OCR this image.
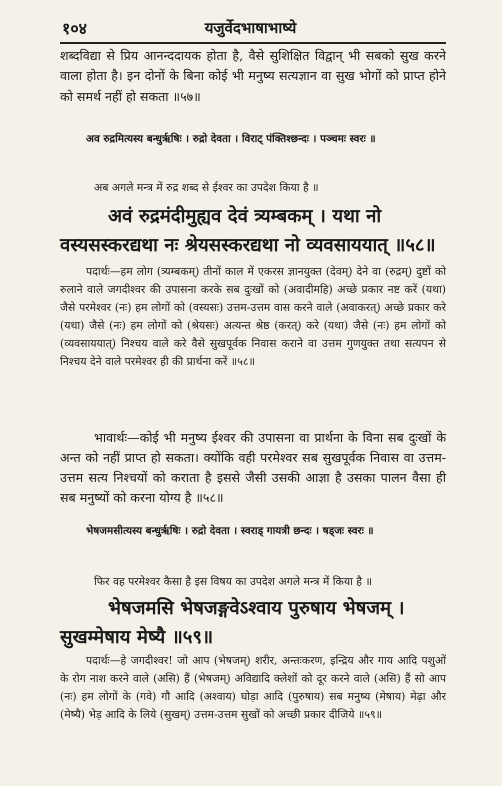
१०४	यजुर्वेदभाषाभाष्ये
शब्दविद्या से प्रिय आनन्ददायक होता है, वैसे सुशिक्षित विद्वान् भी सबको सुख करने वाला होता है। इन दोनों के बिना कोई भी मनुष्य सत्यज्ञान वा सुख भोगों को प्राप्त होने को समर्थ नहीं हो सकता ॥५७॥
अव रुद्रमित्यस्य बन्धुर्ऋषिः । रुद्रो देवता । विराट् पंक्तिश्छन्दः । पञ्चमः स्वरः ॥
अब अगले मन्त्र में रुद्र शब्द से ईश्वर का उपदेश किया है ॥
अवं रुद्रमंदीमुह्यव देवं त्र्यम्बकम् । यथा नो वस्यसस्करद्यथा नः श्रेयसस्करद्यथा नो व्यवसाययात् ॥५८॥
पदार्थः—हम लोग (त्र्यम्बकम्) तीनों काल में एकरस ज्ञानयुक्त (देवम्) देने वा (रुद्रम्) दुष्टों को रुलाने वाले जगदीश्वर की उपासना करके सब दुःखों को (अवादीमहि) अच्छे प्रकार नष्ट करें (यथा) जैसे परमेश्वर (नः) हम लोगों को (वस्यसः) उत्तम-उत्तम वास करने वाले (अवाकरत्) अच्छे प्रकार करे (यथा) जैसे (नः) हम लोगों को (श्रेयसः) अत्यन्त श्रेष्ठ (करत्) करे (यथा) जैसे (नः) हम लोगों को (व्यवसाययात्) निश्चय वाले करे वैसे सुखपूर्वक निवास कराने वा उत्तम गुणयुक्त तथा सत्यपन से निश्चय देने वाले परमेश्वर ही की प्रार्थना करें ॥५८॥
भावार्थः—कोई भी मनुष्य ईश्वर की उपासना वा प्रार्थना के विना सब दुःखों के अन्त को नहीं प्राप्त हो सकता। क्योंकि वही परमेश्वर सब सुखपूर्वक निवास वा उत्तम-उत्तम सत्य निश्चयों को कराता है इससे जैसी उसकी आज्ञा है उसका पालन वैसा ही सब मनुष्यों को करना योग्य है ॥५८॥
भेषजमसीत्यस्य बन्धुर्ऋषिः । रुद्रो देवता । स्वराड् गायत्री छन्दः । षड्जः स्वरः ॥
फिर वह परमेश्वर कैसा है इस विषय का उपदेश अगले मन्त्र में किया है ॥
भेषजमसि भेषजङ्गवेऽश्वाय पुरुषाय भेषजम् । सुखम्मेषाय मेष्यै ॥५९॥
पदार्थः—हे जगदीश्वर! जो आप (भेषजम्) शरीर, अन्तःकरण, इन्द्रिय और गाय आदि पशुओं के रोग नाश करने वाले (असि) हैं (भेषजम्) अविद्यादि क्लेशों को दूर करने वाले (असि) हैं सो आप (नः) हम लोगों के (गवे) गौ आदि (अश्वाय) घोड़ा आदि (पुरुषाय) सब मनुष्य (मेषाय) मेढ़ा और (मेष्यै) भेड़ आदि के लिये (सुखम्) उत्तम-उत्तम सुखों को अच्छी प्रकार दीजिये ॥५९॥
